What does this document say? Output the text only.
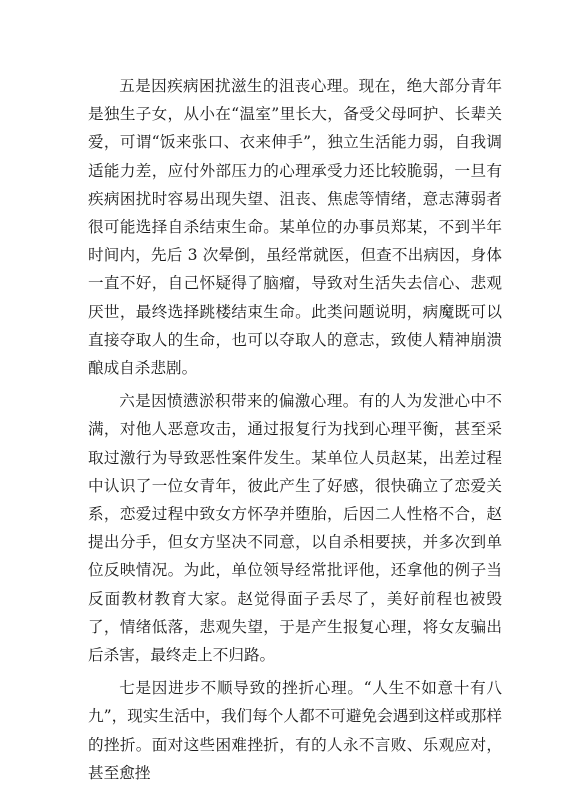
五是因疾病困扰滋生的沮丧心理。现在，绝大部分青年是独生子女，从小在“温室”里长大，备受父母呵护、长辈关爱，可谓“饭来张口、衣来伸手”，独立生活能力弱，自我调适能力差，应付外部压力的心理承受力还比较脆弱，一旦有疾病困扰时容易出现失望、沮丧、焦虑等情绪，意志薄弱者很可能选择自杀结束生命。某单位的办事员郑某，不到半年时间内，先后 3 次晕倒，虽经常就医，但查不出病因，身体一直不好，自己怀疑得了脑瘤，导致对生活失去信心、悲观厌世，最终选择跳楼结束生命。此类问题说明，病魔既可以直接夺取人的生命，也可以夺取人的意志，致使人精神崩溃酿成自杀悲剧。

六是因愤懑淤积带来的偏激心理。有的人为发泄心中不满，对他人恶意攻击，通过报复行为找到心理平衡，甚至采取过激行为导致恶性案件发生。某单位人员赵某，出差过程中认识了一位女青年，彼此产生了好感，很快确立了恋爱关系，恋爱过程中致女方怀孕并堕胎，后因二人性格不合，赵提出分手，但女方坚决不同意，以自杀相要挟，并多次到单位反映情况。为此，单位领导经常批评他，还拿他的例子当反面教材教育大家。赵觉得面子丢尽了，美好前程也被毁了，情绪低落，悲观失望，于是产生报复心理，将女友骗出后杀害，最终走上不归路。

七是因进步不顺导致的挫折心理。“人生不如意十有八九”，现实生活中，我们每个人都不可避免会遇到这样或那样的挫折。面对这些困难挫折，有的人永不言败、乐观应对，甚至愈挫
